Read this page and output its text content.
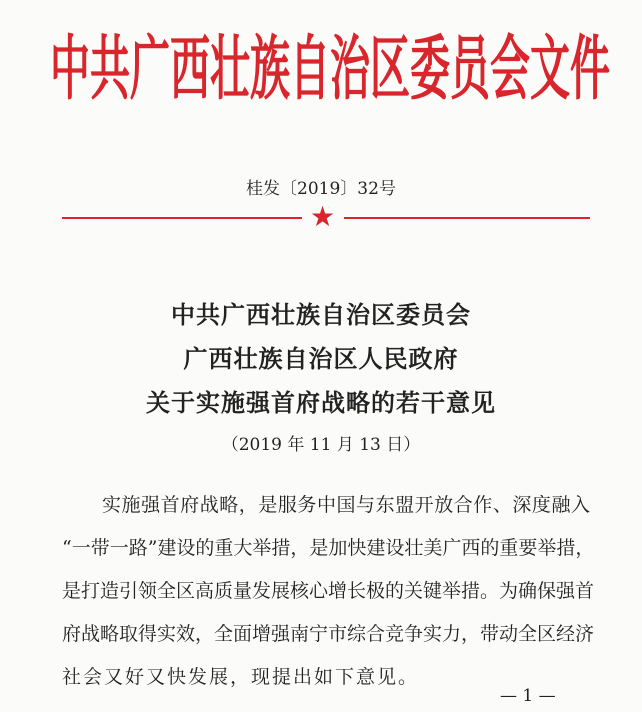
中 共 广 西 壮 族 自 治 区 委 员 会 文 件
桂发〔2019〕32号
★
中共广西壮族自治区委员会
广西壮族自治区人民政府
关于实施强首府战略的若干意见
（2019 年 11 月 13 日）
实施强首府战略，是服务中国与东盟开放合作、深度融入
“一带一路”建设的重大举措，是加快建设壮美广西的重要举措，
是打造引领全区高质量发展核心增长极的关键举措。为确保强首
府战略取得实效，全面增强南宁市综合竞争实力，带动全区经济
社会又好又快发展，现提出如下意见。
— 1 —
